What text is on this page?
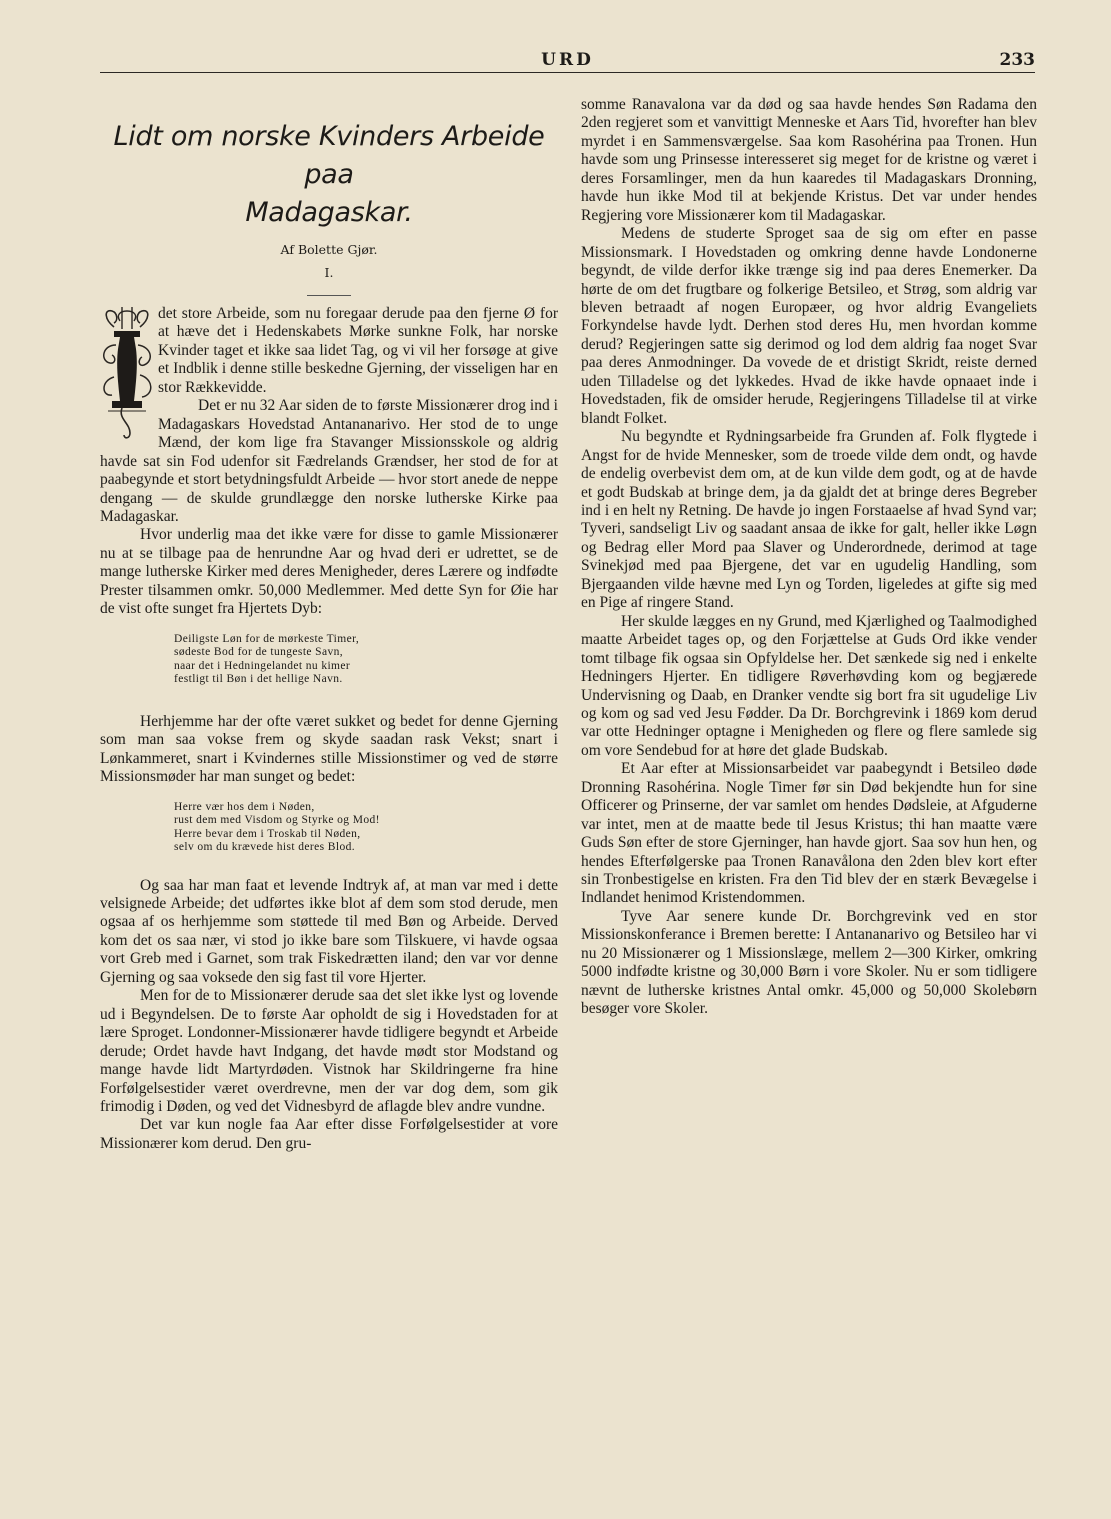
URD	233
Lidt om norske Kvinders Arbeide paa
Madagaskar.
Af Bolette Gjør.
I.

det store Arbeide, som nu foregaar derude paa den fjerne Ø for at hæve det i Hedenskabets Mørke sunkne Folk, har norske Kvinder taget et ikke saa lidet Tag, og vi vil her forsøge at give et Indblik i denne stille beskedne Gjerning, der visseligen har en stor Rækkevidde.

Det er nu 32 Aar siden de to første Missionærer drog ind i Madagaskars Hovedstad Antananarivo. Her stod de to unge Mænd, der kom lige fra Stavanger Missionsskole og aldrig havde sat sin Fod udenfor sit Fædrelands Grændser, her stod de for at paabegynde et stort betydningsfuldt Arbeide — hvor stort anede de neppe dengang — de skulde grundlægge den norske lutherske Kirke paa Madagaskar.

Hvor underlig maa det ikke være for disse to gamle Missionærer nu at se tilbage paa de henrundne Aar og hvad deri er udrettet, se de mange lutherske Kirker med deres Menigheder, deres Lærere og indfødte Prester tilsammen omkr. 50,000 Medlemmer. Med dette Syn for Øie har de vist ofte sunget fra Hjertets Dyb:

Deiligste Løn for de mørkeste Timer,
sødeste Bod for de tungeste Savn,
naar det i Hedningelandet nu kimer
festligt til Bøn i det hellige Navn.

Herhjemme har der ofte været sukket og bedet for denne Gjerning som man saa vokse frem og skyde saadan rask Vekst; snart i Lønkammeret, snart i Kvindernes stille Missionstimer og ved de større Missionsmøder har man sunget og bedet:

Herre vær hos dem i Nøden,
rust dem med Visdom og Styrke og Mod!
Herre bevar dem i Troskab til Nøden,
selv om du krævede hist deres Blod.

Og saa har man faat et levende Indtryk af, at man var med i dette velsignede Arbeide; det udførtes ikke blot af dem som stod derude, men ogsaa af os herhjemme som støttede til med Bøn og Arbeide. Derved kom det os saa nær, vi stod jo ikke bare som Tilskuere, vi havde ogsaa vort Greb med i Garnet, som trak Fiskedrætten iland; den var vor denne Gjerning og saa voksede den sig fast til vore Hjerter.

Men for de to Missionærer derude saa det slet ikke lyst og lovende ud i Begyndelsen. De to første Aar opholdt de sig i Hovedstaden for at lære Sproget. Londonner-Missionærer havde tidligere begyndt et Arbeide derude; Ordet havde havt Indgang, det havde mødt stor Modstand og mange havde lidt Martyrdøden. Vistnok har Skildringerne fra hine Forfølgelsestider været overdrevne, men der var dog dem, som gik frimodig i Døden, og ved det Vidnesbyrd de aflagde blev andre vundne.

Det var kun nogle faa Aar efter disse Forfølgelsestider at vore Missionærer kom derud. Den gru-

somme Ranavalona var da død og saa havde hendes Søn Radama den 2den regjeret som et vanvittigt Menneske et Aars Tid, hvorefter han blev myrdet i en Sammensværgelse. Saa kom Rasohérina paa Tronen. Hun havde som ung Prinsesse interesseret sig meget for de kristne og været i deres Forsamlinger, men da hun kaaredes til Madagaskars Dronning, havde hun ikke Mod til at bekjende Kristus. Det var under hendes Regjering vore Missionærer kom til Madagaskar.

Medens de studerte Sproget saa de sig om efter en passe Missionsmark. I Hovedstaden og omkring denne havde Londonerne begyndt, de vilde derfor ikke trænge sig ind paa deres Enemerker. Da hørte de om det frugtbare og folkerige Betsileo, et Strøg, som aldrig var bleven betraadt af nogen Europæer, og hvor aldrig Evangeliets Forkyndelse havde lydt. Derhen stod deres Hu, men hvordan komme derud? Regjeringen satte sig derimod og lod dem aldrig faa noget Svar paa deres Anmodninger. Da vovede de et dristigt Skridt, reiste derned uden Tilladelse og det lykkedes. Hvad de ikke havde opnaaet inde i Hovedstaden, fik de omsider herude, Regjeringens Tilladelse til at virke blandt Folket.

Nu begyndte et Rydningsarbeide fra Grunden af. Folk flygtede i Angst for de hvide Mennesker, som de troede vilde dem ondt, og havde de endelig overbevist dem om, at de kun vilde dem godt, og at de havde et godt Budskab at bringe dem, ja da gjaldt det at bringe deres Begreber ind i en helt ny Retning. De havde jo ingen Forstaaelse af hvad Synd var; Tyveri, sandseligt Liv og saadant ansaa de ikke for galt, heller ikke Løgn og Bedrag eller Mord paa Slaver og Underordnede, derimod at tage Svinekjød med paa Bjergene, det var en ugudelig Handling, som Bjergaanden vilde hævne med Lyn og Torden, ligeledes at gifte sig med en Pige af ringere Stand.

Her skulde lægges en ny Grund, med Kjærlighed og Taalmodighed maatte Arbeidet tages op, og den Forjættelse at Guds Ord ikke vender tomt tilbage fik ogsaa sin Opfyldelse her. Det sænkede sig ned i enkelte Hedningers Hjerter. En tidligere Røverhøvding kom og begjærede Undervisning og Daab, en Dranker vendte sig bort fra sit ugudelige Liv og kom og sad ved Jesu Fødder. Da Dr. Borchgrevink i 1869 kom derud var otte Hedninger optagne i Menigheden og flere og flere samlede sig om vore Sendebud for at høre det glade Budskab.

Et Aar efter at Missionsarbeidet var paabegyndt i Betsileo døde Dronning Rasohérina. Nogle Timer før sin Død bekjendte hun for sine Officerer og Prinserne, der var samlet om hendes Dødsleie, at Afguderne var intet, men at de maatte bede til Jesus Kristus; thi han maatte være Guds Søn efter de store Gjerninger, han havde gjort. Saa sov hun hen, og hendes Efterfølgerske paa Tronen Ranavålona den 2den blev kort efter sin Tronbestigelse en kristen. Fra den Tid blev der en stærk Bevægelse i Indlandet henimod Kristendommen.

Tyve Aar senere kunde Dr. Borchgrevink ved en stor Missionskonferance i Bremen berette: I Antananarivo og Betsileo har vi nu 20 Missionærer og 1 Missionslæge, mellem 2—300 Kirker, omkring 5000 indfødte kristne og 30,000 Børn i vore Skoler. Nu er som tidligere nævnt de lutherske kristnes Antal omkr. 45,000 og 50,000 Skolebørn besøger vore Skoler.
